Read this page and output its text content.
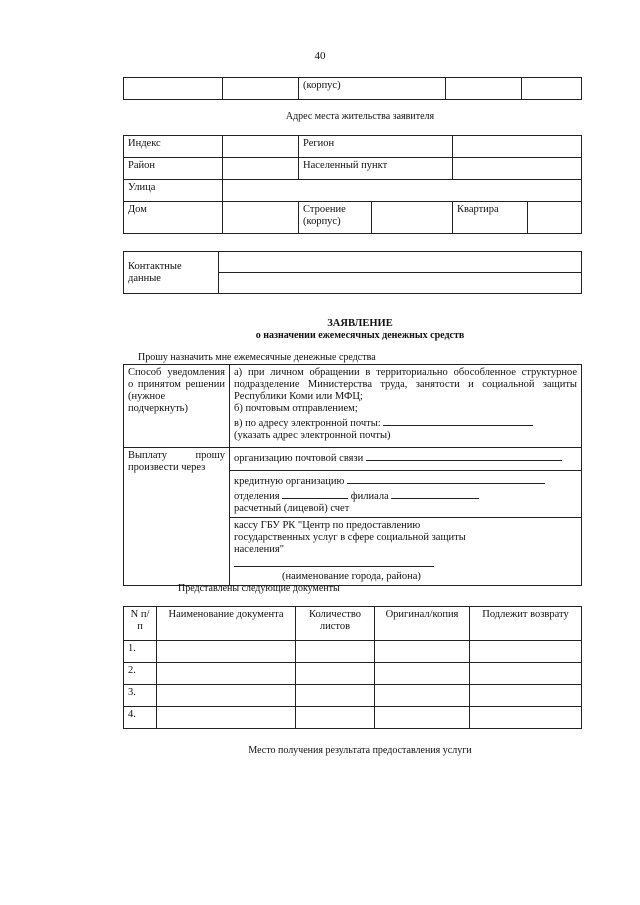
40
		(корпус)		
Адрес места жительства заявителя
Индекс		Регион			
Район		Населенный пункт			
Улица					
Дом		Строение (корпус)		Квартира	
Контактные данные	

ЗАЯВЛЕНИЕ
о назначении ежемесячных денежных средств
Прошу назначить мне ежемесячные денежные средства
Способ уведомления о принятом решении (нужное подчеркнуть)	а) при личном обращении в территориально обособленное структурное подразделение Министерства труда, занятости и социальной защиты Республики Коми или МФЦ;
б) почтовым отправлением;
в) по адресу электронной почты:
(указать адрес электронной почты)

Выплату прошу произвести через	организацию почтовой связи

	кредитную организацию
отделения филиала
расчетный (лицевой) счет

	кассу ГБУ РК "Центр по предоставлению государственных услуг в сфере социальной защиты населения"
(наименование города, района)
Представлены следующие документы
N п/п	Наименование документа	Количество листов	Оригинал/копия	Подлежит возврату
1.				
2.				
3.				
4.				
Место получения результата предоставления услуги
